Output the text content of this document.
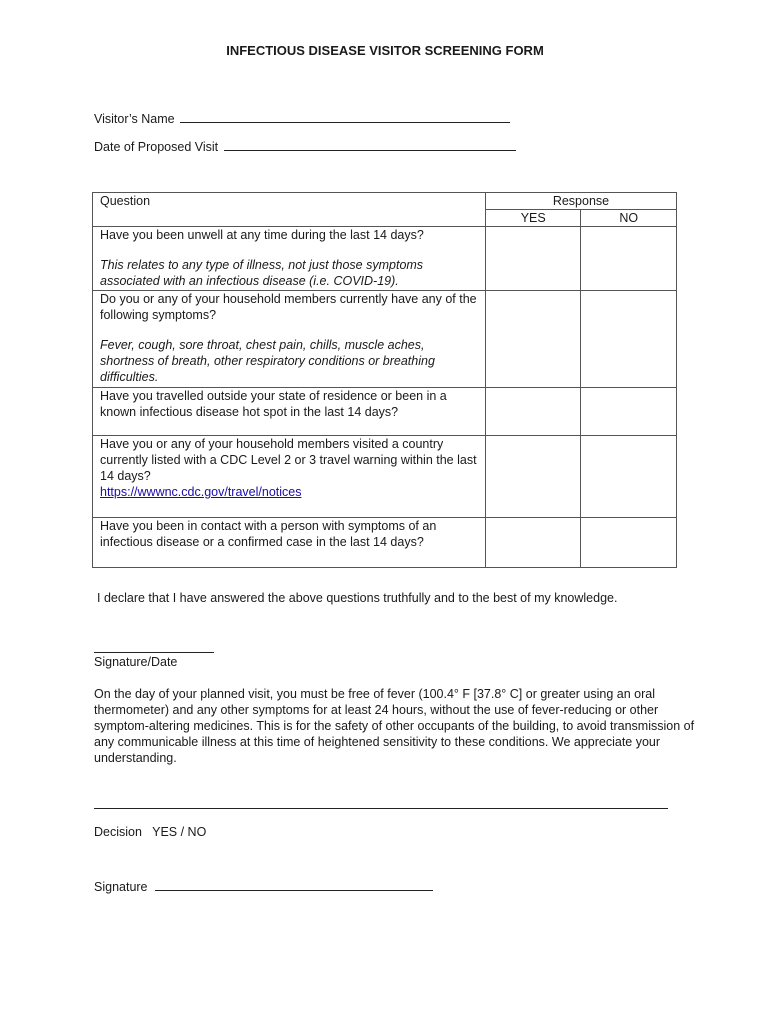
INFECTIOUS DISEASE VISITOR SCREENING FORM
Visitor’s Name
Date of Proposed Visit
Question	Response	
	YES	NO

Have you been unwell at any time during the last 14 days?
This relates to any type of illness, not just those symptoms associated with an infectious disease (i.e. COVID-19).		

Do you or any of your household members currently have any of the following symptoms?
Fever, cough, sore throat, chest pain, chills, muscle aches, shortness of breath, other respiratory conditions or breathing difficulties.		

Have you travelled outside your state of residence or been in a known infectious disease hot spot in the last 14 days?		

Have you or any of your household members visited a country currently listed with a CDC Level 2 or 3 travel warning within the last 14 days?
https://wwwnc.cdc.gov/travel/notices		

Have you been in contact with a person with symptoms of an infectious disease or a confirmed case in the last 14 days?		

I declare that I have answered the above questions truthfully and to the best of my knowledge.
Signature/Date
On the day of your planned visit, you must be free of fever (100.4° F [37.8° C] or greater using an oral thermometer) and any other symptoms for at least 24 hours, without the use of fever-reducing or other symptom-altering medicines. This is for the safety of other occupants of the building, to avoid transmission of any communicable illness at this time of heightened sensitivity to these conditions. We appreciate your understanding.
Decision   YES / NO
Signature
